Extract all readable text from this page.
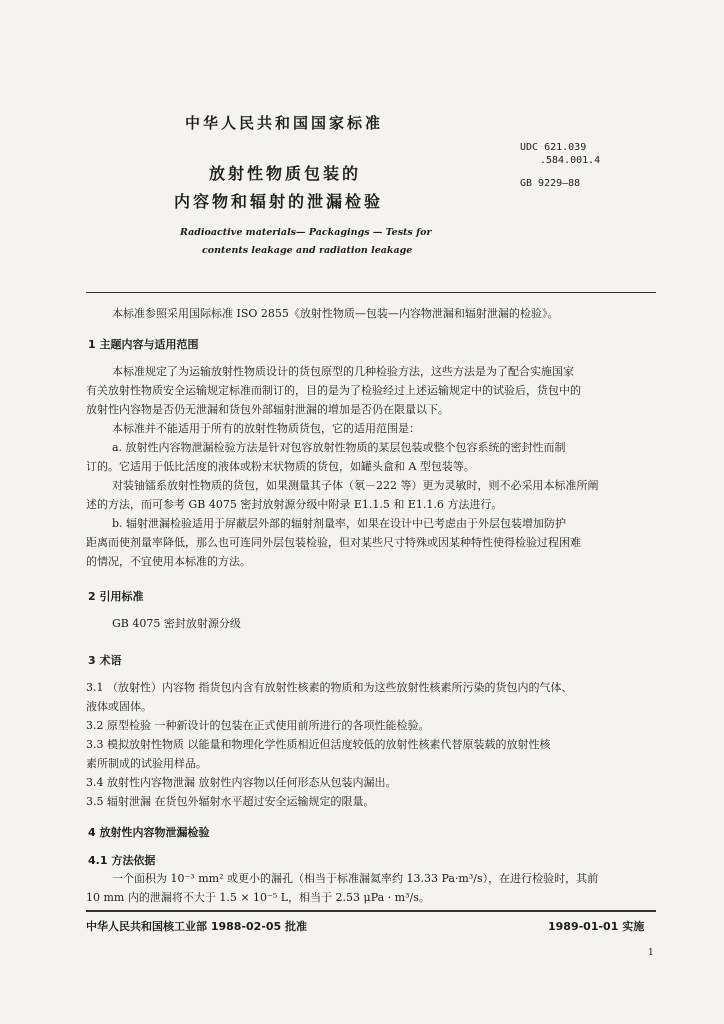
中华人民共和国国家标准
UDC 621.039
.584.001.4
GB 9229—88
放射性物质包装的
内容物和辐射的泄漏检验
Radioactive materials— Packagings — Tests for
contents leakage and radiation leakage
本标准参照采用国际标准 ISO 2855《放射性物质—包装—内容物泄漏和辐射泄漏的检验》。
1 主题内容与适用范围
本标准规定了为运输放射性物质设计的货包原型的几种检验方法，这些方法是为了配合实施国家
有关放射性物质安全运输规定标准而制订的，目的是为了检验经过上述运输规定中的试验后，货包中的
放射性内容物是否仍无泄漏和货包外部辐射泄漏的增加是否仍在限量以下。
本标准并不能适用于所有的放射性物质货包，它的适用范围是：
a. 放射性内容物泄漏检验方法是针对包容放射性物质的某层包装或整个包容系统的密封性而制
订的。它适用于低比活度的液体或粉末状物质的货包，如罐头盒和 A 型包装等。
对装铀镭系放射性物质的货包，如果测量其子体（氡－222 等）更为灵敏时，则不必采用本标准所阐
述的方法，而可参考 GB 4075 密封放射源分级中附录 E1.1.5 和 E1.1.6 方法进行。
b. 辐射泄漏检验适用于屏蔽层外部的辐射剂量率，如果在设计中已考虑由于外层包装增加防护
距离而使剂量率降低，那么也可连同外层包装检验，但对某些尺寸特殊或因某种特性使得检验过程困难
的情况，不宜使用本标准的方法。
2 引用标准
GB 4075 密封放射源分级
3 术语
3.1 （放射性）内容物 指货包内含有放射性核素的物质和为这些放射性核素所污染的货包内的气体、
液体或固体。
3.2 原型检验 一种新设计的包装在正式使用前所进行的各项性能检验。
3.3 模拟放射性物质 以能量和物理化学性质相近但活度较低的放射性核素代替原装载的放射性核
素所制成的试验用样品。
3.4 放射性内容物泄漏 放射性内容物以任何形态从包装内漏出。
3.5 辐射泄漏 在货包外辐射水平超过安全运输规定的限量。
4 放射性内容物泄漏检验
4.1 方法依据
一个面积为 10⁻³ mm² 或更小的漏孔（相当于标准漏氦率约 13.33 Pa·m³/s），在进行检验时，其前
10 mm 内的泄漏将不大于 1.5 × 10⁻⁵ L，相当于 2.53 μPa · m³/s。
中华人民共和国核工业部 1988-02-05 批准	1989-01-01 实施
1
